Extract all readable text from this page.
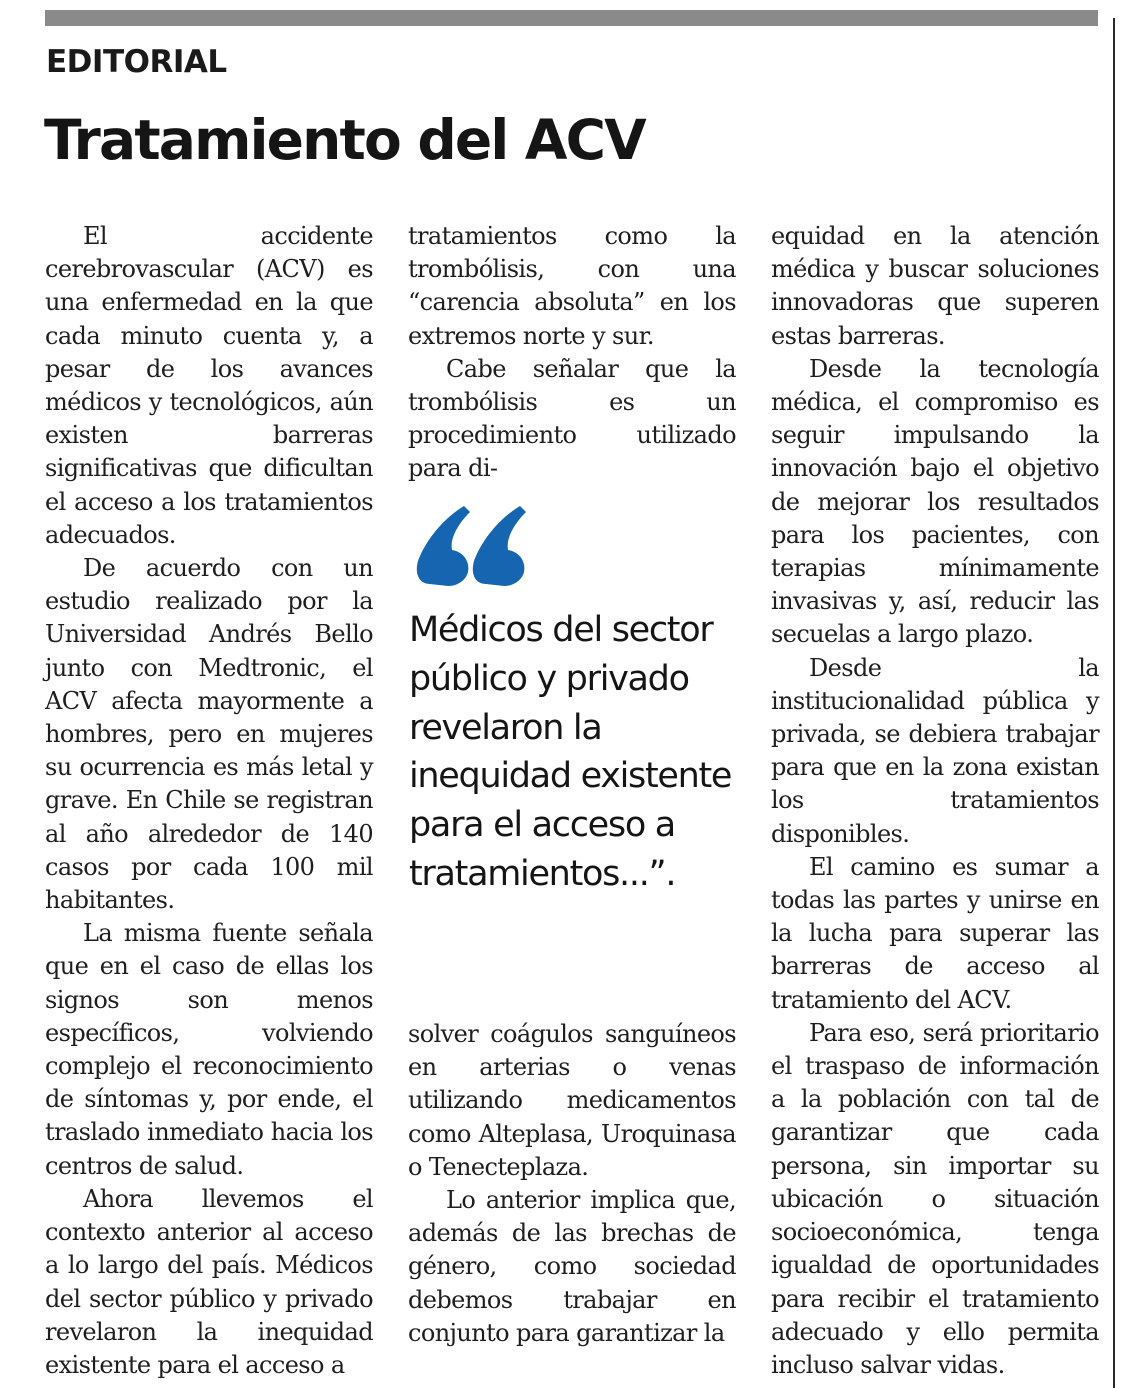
EDITORIAL
Tratamiento del ACV

El accidente cerebrovascular (ACV) es una enfermedad en la que cada minuto cuenta y, a pesar de los avances médicos y tecnológicos, aún existen barreras significativas que dificultan el acceso a los tratamientos adecuados.

De acuerdo con un estudio realizado por la Universidad Andrés Bello junto con Medtronic, el ACV afecta mayormente a hombres, pero en mujeres su ocurrencia es más letal y grave. En Chile se registran al año alrededor de 140 casos por cada 100 mil habitantes.

La misma fuente señala que en el caso de ellas los signos son menos específicos, volviendo complejo el reconocimiento de síntomas y, por ende, el traslado inmediato hacia los centros de salud.

Ahora llevemos el contexto anterior al acceso a lo largo del país. Médicos del sector público y privado revelaron la inequidad existente para el acceso a

tratamientos como la trombólisis, con una “carencia absoluta” en los extremos norte y sur.

Cabe señalar que la trombólisis es un procedimiento utilizado para di-

Médicos del sector público y privado revelaron la inequidad existente para el acceso a tratamientos...”.

solver coágulos sanguíneos en arterias o venas utilizando medicamentos como Alteplasa, Uroquinasa o Tenecteplaza.

Lo anterior implica que, además de las brechas de género, como sociedad debemos trabajar en conjunto para garantizar la

equidad en la atención médica y buscar soluciones innovadoras que superen estas barreras.

Desde la tecnología médica, el compromiso es seguir impulsando la innovación bajo el objetivo de mejorar los resultados para los pacientes, con terapias mínimamente invasivas y, así, reducir las secuelas a largo plazo.

Desde la institucionalidad pública y privada, se debiera trabajar para que en la zona existan los tratamientos disponibles.

El camino es sumar a todas las partes y unirse en la lucha para superar las barreras de acceso al tratamiento del ACV.

Para eso, será prioritario el traspaso de información a la población con tal de garantizar que cada persona, sin importar su ubicación o situación socioeconómica, tenga igualdad de oportunidades para recibir el tratamiento adecuado y ello permita incluso salvar vidas.
